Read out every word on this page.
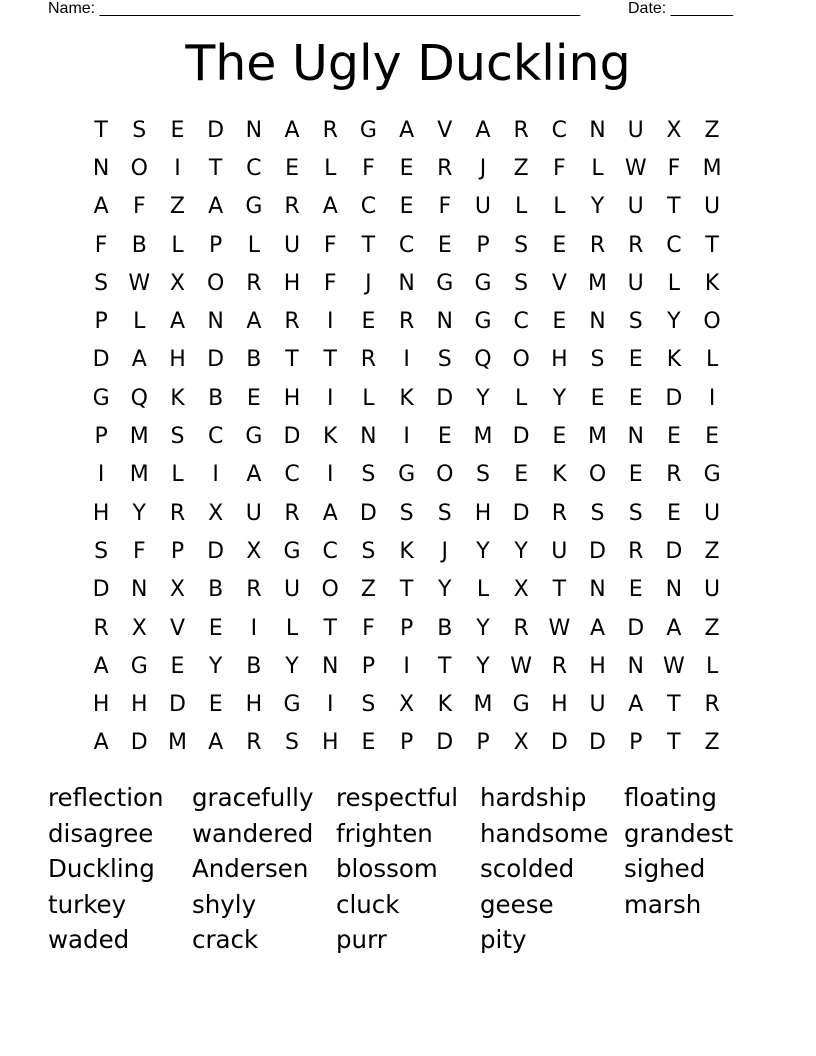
Name: ______________________________________________________	Date: _______
The Ugly Duckling
T	S	E	D N	A	R	G	A	V	A	R	C	N U	X	Z
N O	I	T	C	E	L	F	E	R	J	Z	F	L W F	M
A	F	Z	A	G	R	A	C	E	F	U	L	L	Y	U	T	U
F	B	L	P	L	U	F	T	C	E	P	S	E	R	R	C	T
S W X O R	H	F	J	N G G	S	V M U	L	K
P	L	A	N	A	R	I	E	R	N G C	E	N	S	Y	O
D	A	H D	B	T	T	R	I	S	Q O H	S	E	K	L
G Q	K	B	E	H	I	L	K	D	Y	L	Y	E	E	D	I
P	M S	C G D	K	N	I	E M D	E M N	E	E
I	M	L	I	A	C	I	S	G O	S	E	K	O	E	R	G
H	Y	R	X	U	R	A	D	S	S	H D	R	S	S	E	U
S	F	P	D	X	G C	S	K	J	Y	Y	U D	R	D	Z
D N	X	B	R	U O Z	T	Y	L	X	T	N	E	N U
R	X	V	E	I	L	T	F	P	B	Y	R W A	D	A	Z
A	G	E	Y	B	Y	N	P	I	T	Y W R	H N W L
H H D	E	H G	I	S	X	K M G H U	A	T	R
A	D M A	R	S	H	E	P	D	P	X	D D	P	T	Z
reflection	gracefully respectful hardship	floating
disagree	wandered frighten	handsome grandest
Duckling	Andersen	blossom	scolded	sighed
turkey	shyly	cluck	geese	marsh
waded	crack	purr	pity
